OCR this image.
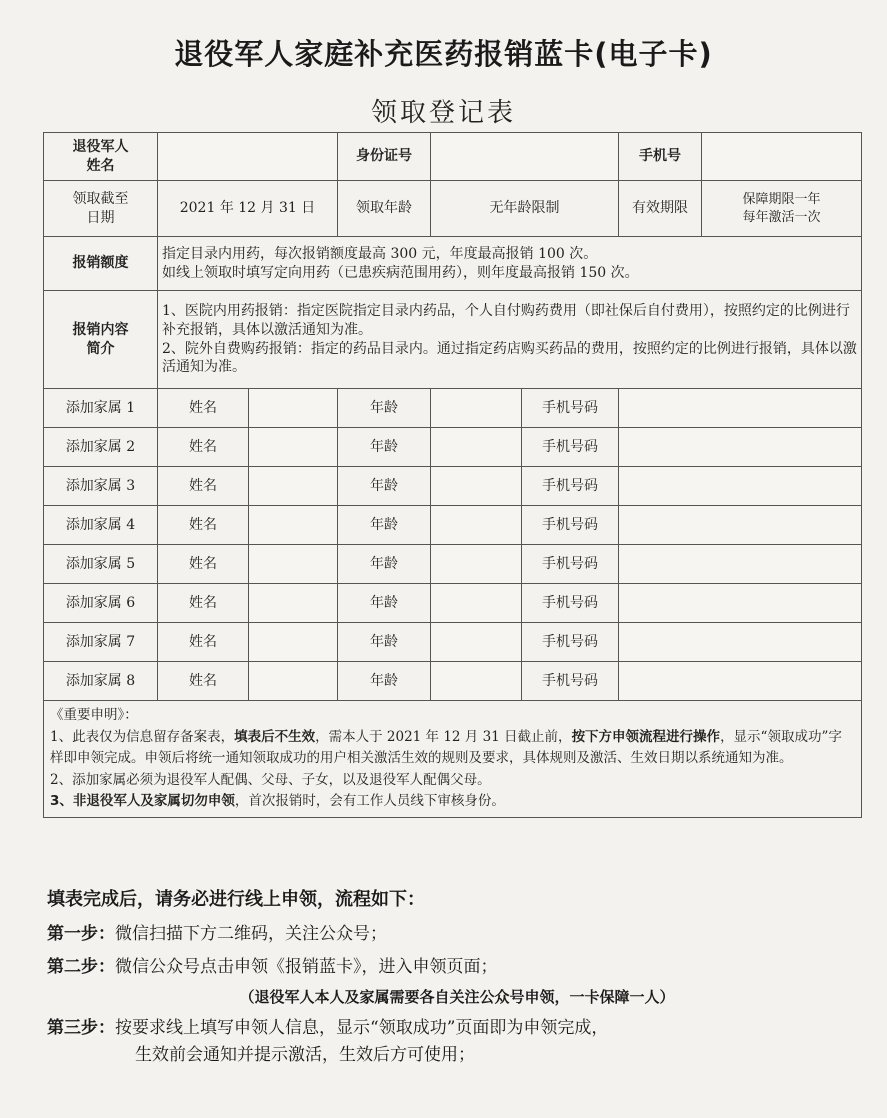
退役军人家庭补充医药报销蓝卡(电子卡)
领取登记表
退役军人
姓名			身份证号			手机号	
领取截至
日期	2021 年 12 月 31 日		领取年龄	无年龄限制		有效期限	保障期限一年
每年激活一次
报销额度	指定目录内用药，每次报销额度最高 300 元，年度最高报销 100 次。
如线上领取时填写定向用药（已患疾病范围用药），则年度最高报销 150 次。						
报销内容
简介	1、医院内用药报销：指定医院指定目录内药品，个人自付购药费用（即社保后自付费用），按照约定的比例进行补充报销，具体以激活通知为准。
2、院外自费购药报销：指定的药品目录内。通过指定药店购买药品的费用，按照约定的比例进行报销，具体以激活通知为准。						
添加家属 1	姓名		年龄		手机号码		
添加家属 2	姓名		年龄		手机号码		
添加家属 3	姓名		年龄		手机号码		
添加家属 4	姓名		年龄		手机号码		
添加家属 5	姓名		年龄		手机号码		
添加家属 6	姓名		年龄		手机号码		
添加家属 7	姓名		年龄		手机号码		
添加家属 8	姓名		年龄		手机号码		

《重要申明》：
1、此表仅为信息留存备案表，填表后不生效，需本人于 2021 年 12 月 31 日截止前，按下方申领流程进行操作，显示“领取成功”字样即申领完成。申领后将统一通知领取成功的用户相关激活生效的规则及要求，具体规则及激活、生效日期以系统通知为准。
2、添加家属必须为退役军人配偶、父母、子女，以及退役军人配偶父母。
3、非退役军人及家属切勿申领，首次报销时，会有工作人员线下审核身份。							
填表完成后，请务必进行线上申领，流程如下：
第一步：微信扫描下方二维码，关注公众号；
第二步：微信公众号点击申领《报销蓝卡》，进入申领页面；
（退役军人本人及家属需要各自关注公众号申领，一卡保障一人）
第三步：按要求线上填写申领人信息，显示“领取成功”页面即为申领完成，
生效前会通知并提示激活，生效后方可使用；
